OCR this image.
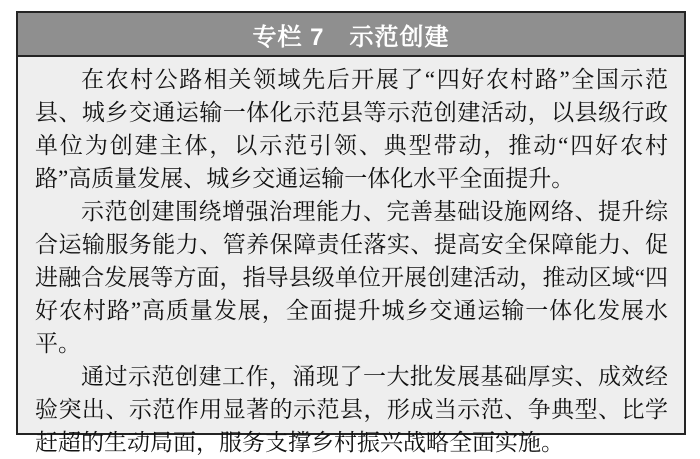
专栏 7　示范创建

在农村公路相关领域先后开展了“四好农村路”全国示范县、城乡交通运输一体化示范县等示范创建活动，以县级行政单位为创建主体，以示范引领、典型带动，推动“四好农村路”高质量发展、城乡交通运输一体化水平全面提升。

示范创建围绕增强治理能力、完善基础设施网络、提升综合运输服务能力、管养保障责任落实、提高安全保障能力、促进融合发展等方面，指导县级单位开展创建活动，推动区域“四好农村路”高质量发展，全面提升城乡交通运输一体化发展水平。

通过示范创建工作，涌现了一大批发展基础厚实、成效经验突出、示范作用显著的示范县，形成当示范、争典型、比学赶超的生动局面，服务支撑乡村振兴战略全面实施。
